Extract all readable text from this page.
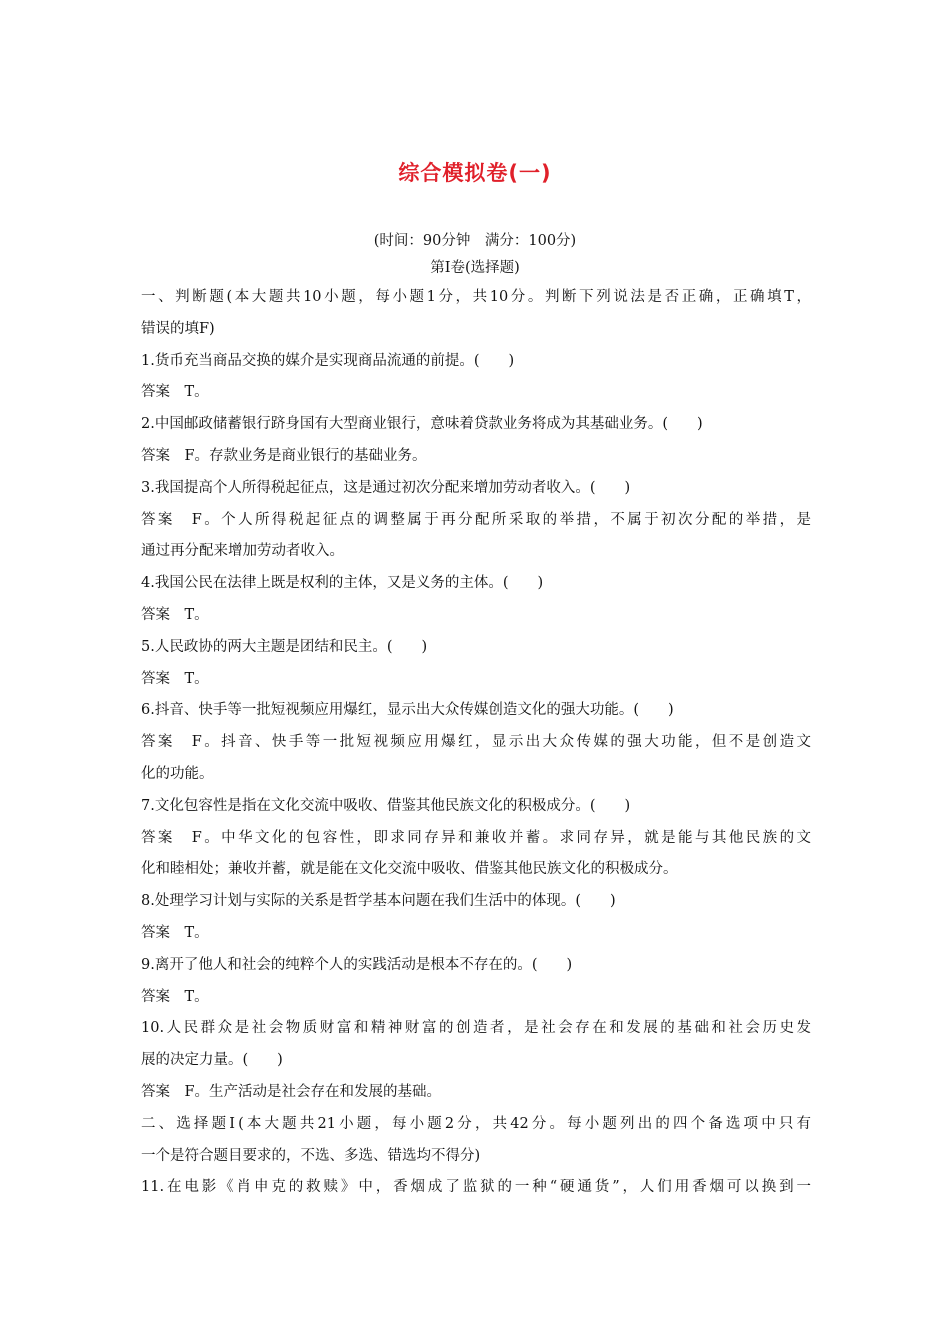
综合模拟卷(一)
(时间：90分钟　满分：100分)
第Ⅰ卷(选择题)
一、判断题(本大题共10小题，每小题1分，共10分。判断下列说法是否正确，正确填T，
错误的填F)
1.货币充当商品交换的媒介是实现商品流通的前提。(　　)
答案　T。
2.中国邮政储蓄银行跻身国有大型商业银行，意味着贷款业务将成为其基础业务。(　　)
答案　F。存款业务是商业银行的基础业务。
3.我国提高个人所得税起征点，这是通过初次分配来增加劳动者收入。(　　)
答案　F。个人所得税起征点的调整属于再分配所采取的举措，不属于初次分配的举措，是
通过再分配来增加劳动者收入。
4.我国公民在法律上既是权利的主体，又是义务的主体。(　　)
答案　T。
5.人民政协的两大主题是团结和民主。(　　)
答案　T。
6.抖音、快手等一批短视频应用爆红，显示出大众传媒创造文化的强大功能。(　　)
答案　F。抖音、快手等一批短视频应用爆红，显示出大众传媒的强大功能，但不是创造文
化的功能。
7.文化包容性是指在文化交流中吸收、借鉴其他民族文化的积极成分。(　　)
答案　F。中华文化的包容性，即求同存异和兼收并蓄。求同存异，就是能与其他民族的文
化和睦相处；兼收并蓄，就是能在文化交流中吸收、借鉴其他民族文化的积极成分。
8.处理学习计划与实际的关系是哲学基本问题在我们生活中的体现。(　　)
答案　T。
9.离开了他人和社会的纯粹个人的实践活动是根本不存在的。(　　)
答案　T。
10.人民群众是社会物质财富和精神财富的创造者，是社会存在和发展的基础和社会历史发
展的决定力量。(　　)
答案　F。生产活动是社会存在和发展的基础。
二、选择题Ⅰ(本大题共21小题，每小题2分，共42分。每小题列出的四个备选项中只有
一个是符合题目要求的，不选、多选、错选均不得分)
11.在电影《肖申克的救赎》中，香烟成了监狱的一种“硬通货”，人们用香烟可以换到一
